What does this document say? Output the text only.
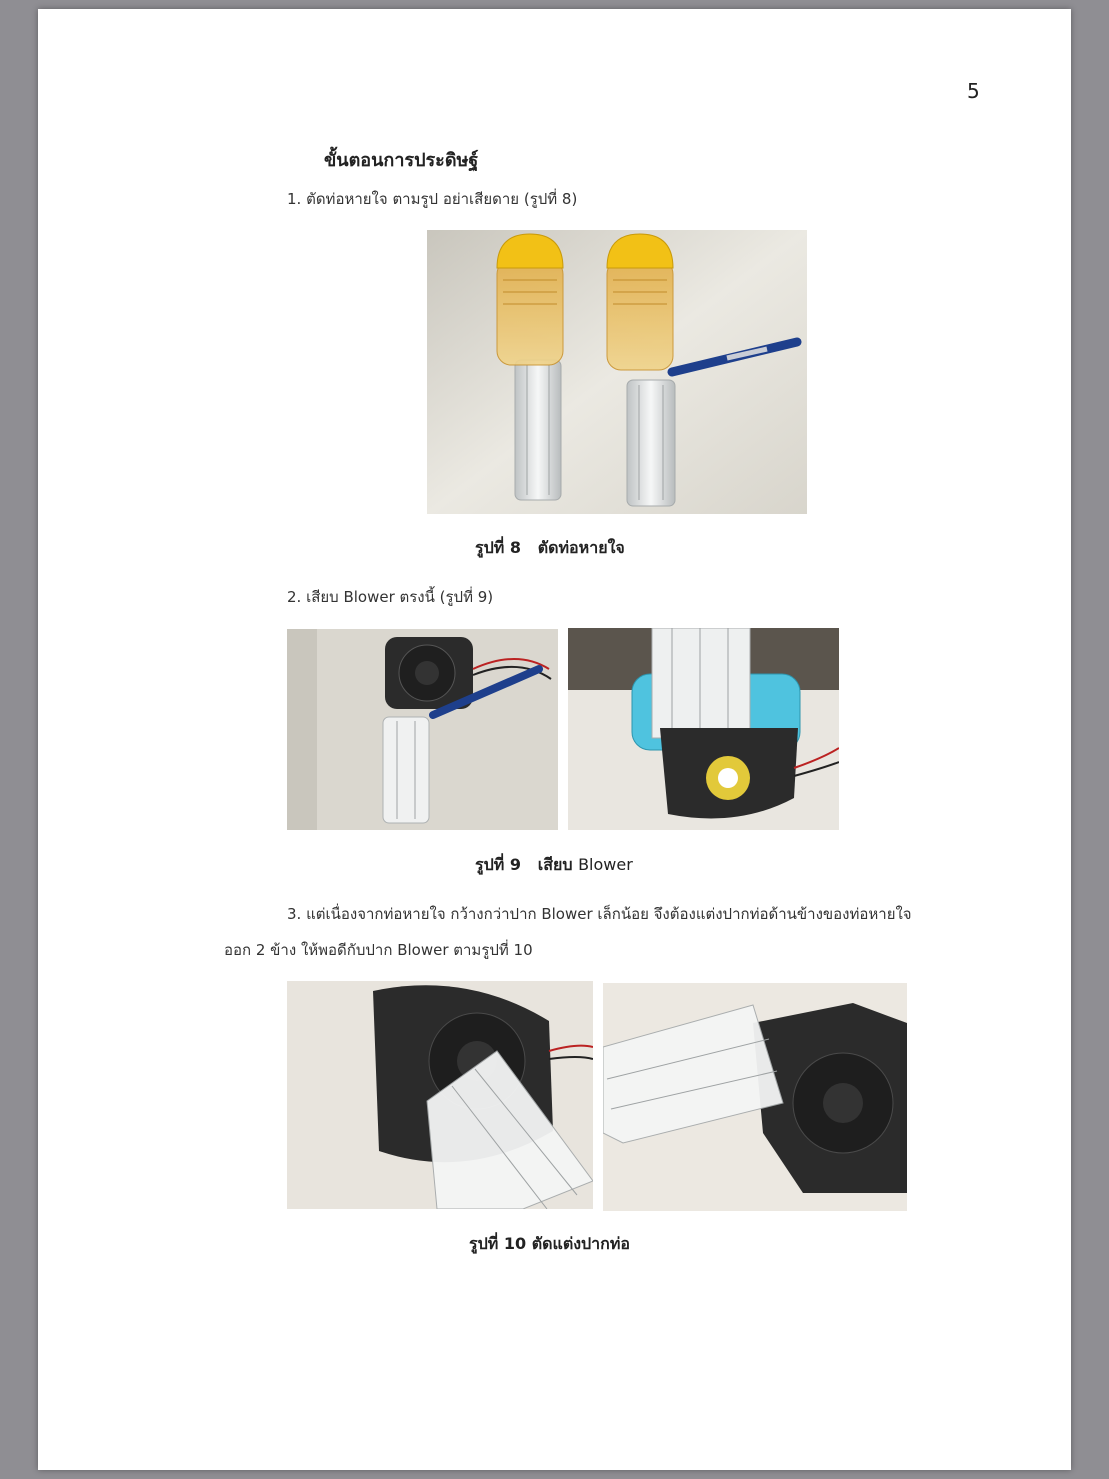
5
ขั้นตอนการประดิษฐ์
1. ตัดท่อหายใจ ตามรูป อย่าเสียดาย (รูปที่ 8)
รูปที่ 8 ตัดท่อหายใจ
2. เสียบ Blower ตรงนี้ (รูปที่ 9)
รูปที่ 9 เสียบ Blower
3. แต่เนื่องจากท่อหายใจ กว้างกว่าปาก Blower เล็กน้อย จึงต้องแต่งปากท่อด้านข้างของท่อหายใจ
ออก 2 ข้าง ให้พอดีกับปาก Blower ตามรูปที่ 10
รูปที่ 10 ตัดแต่งปากท่อ
